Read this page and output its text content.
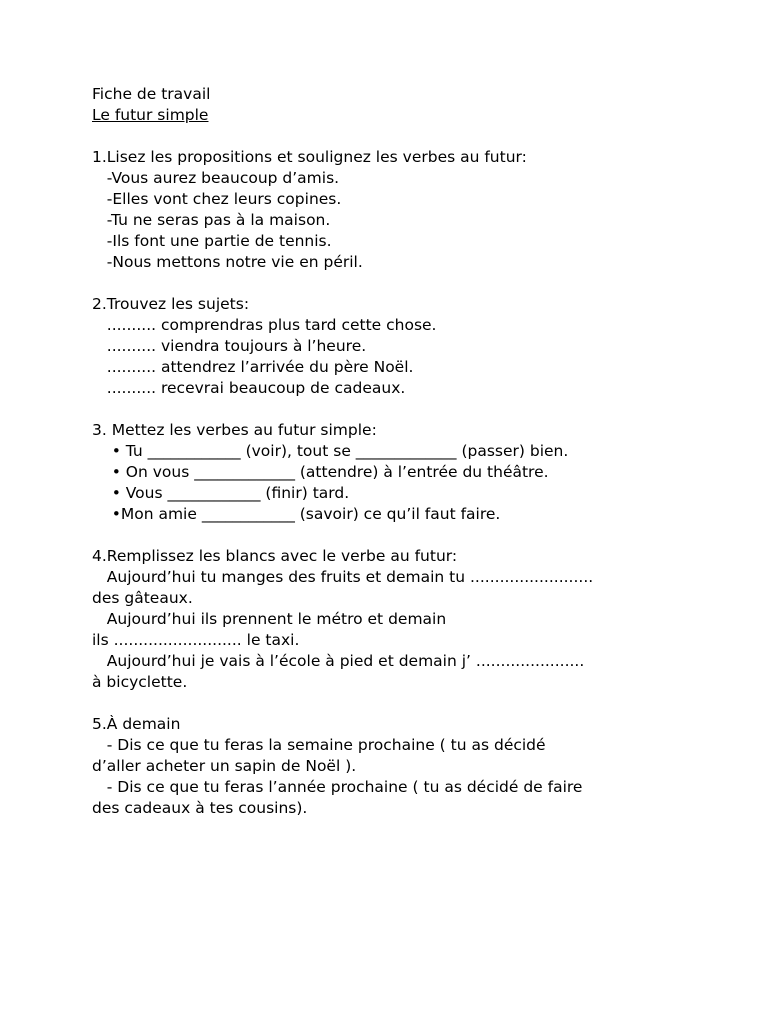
Fiche de travail
Le futur simple
1.Lisez les propositions et soulignez les verbes au futur:
-Vous aurez beaucoup d’amis.
-Elles vont chez leurs copines.
-Tu ne seras pas à la maison.
-Ils font une partie de tennis.
-Nous mettons notre vie en péril.
2.Trouvez les sujets:
.......... comprendras plus tard cette chose.
.......... viendra toujours à l’heure.
.......... attendrez l’arrivée du père Noël.
.......... recevrai beaucoup de cadeaux.
3. Mettez les verbes au futur simple:
• Tu ____________ (voir), tout se _____________ (passer) bien.
• On vous _____________ (attendre) à l’entrée du théâtre.
• Vous ____________ (finir) tard.
•Mon amie ____________ (savoir) ce qu’il faut faire.
4.Remplissez les blancs avec le verbe au futur:
Aujourd’hui tu manges des fruits et demain tu .........................
des gâteaux.
Aujourd’hui ils prennent le métro et demain
ils .......................... le taxi.
Aujourd’hui je vais à l’école à pied et demain j’ ......................
à bicyclette.
5.À demain
- Dis ce que tu feras la semaine prochaine ( tu as décidé
d’aller acheter un sapin de Noël ).
- Dis ce que tu feras l’année prochaine ( tu as décidé de faire
des cadeaux à tes cousins).
